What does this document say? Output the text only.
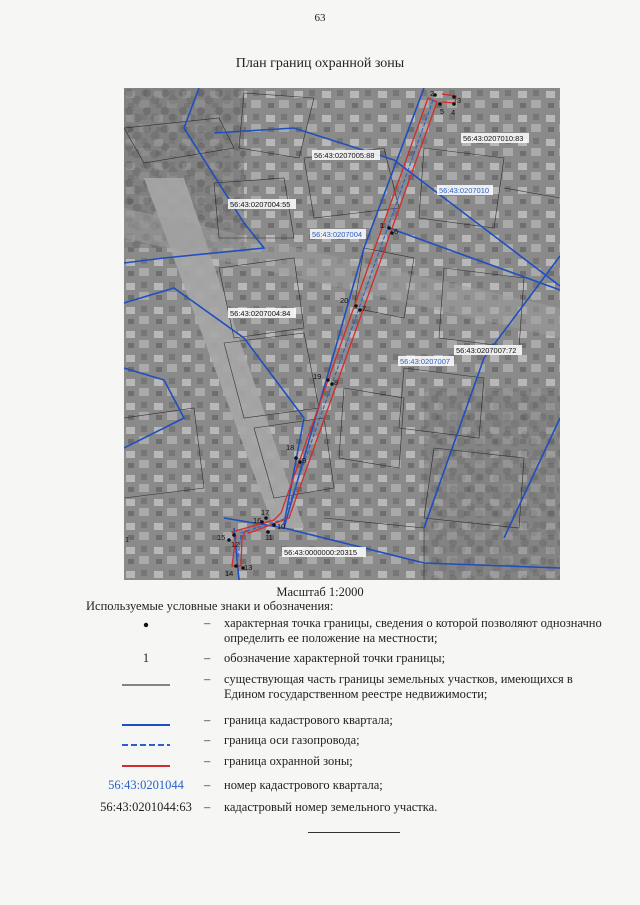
63
План границ охранной зоны
1
2
3
4
5
6
7
8
9
10
11
12
13
14
15
16
17
18
19
20
1
56:43:0207010:83
56:43:0207005:88
56:43:0207004:55
56:43:0207004:84
56:43:0207007:72
56:43:0000000:20315
56:43:0207010
56:43:0207004
56:43:0207007
Масштаб 1:2000
Используемые условные знаки и обозначения:
– характерная точка границы, сведения о которой позволяют однозначно определить ее положение на местности;
1	– обозначение характерной точки границы;
– существующая часть границы земельных участков, имеющихся в Едином государственном реестре недвижимости;
– граница кадастрового квартала;
– граница оси газопровода;
– граница охранной зоны;
56:43:0201044	– номер кадастрового квартала;
56:43:0201044:63 – кадастровый номер земельного участка.
